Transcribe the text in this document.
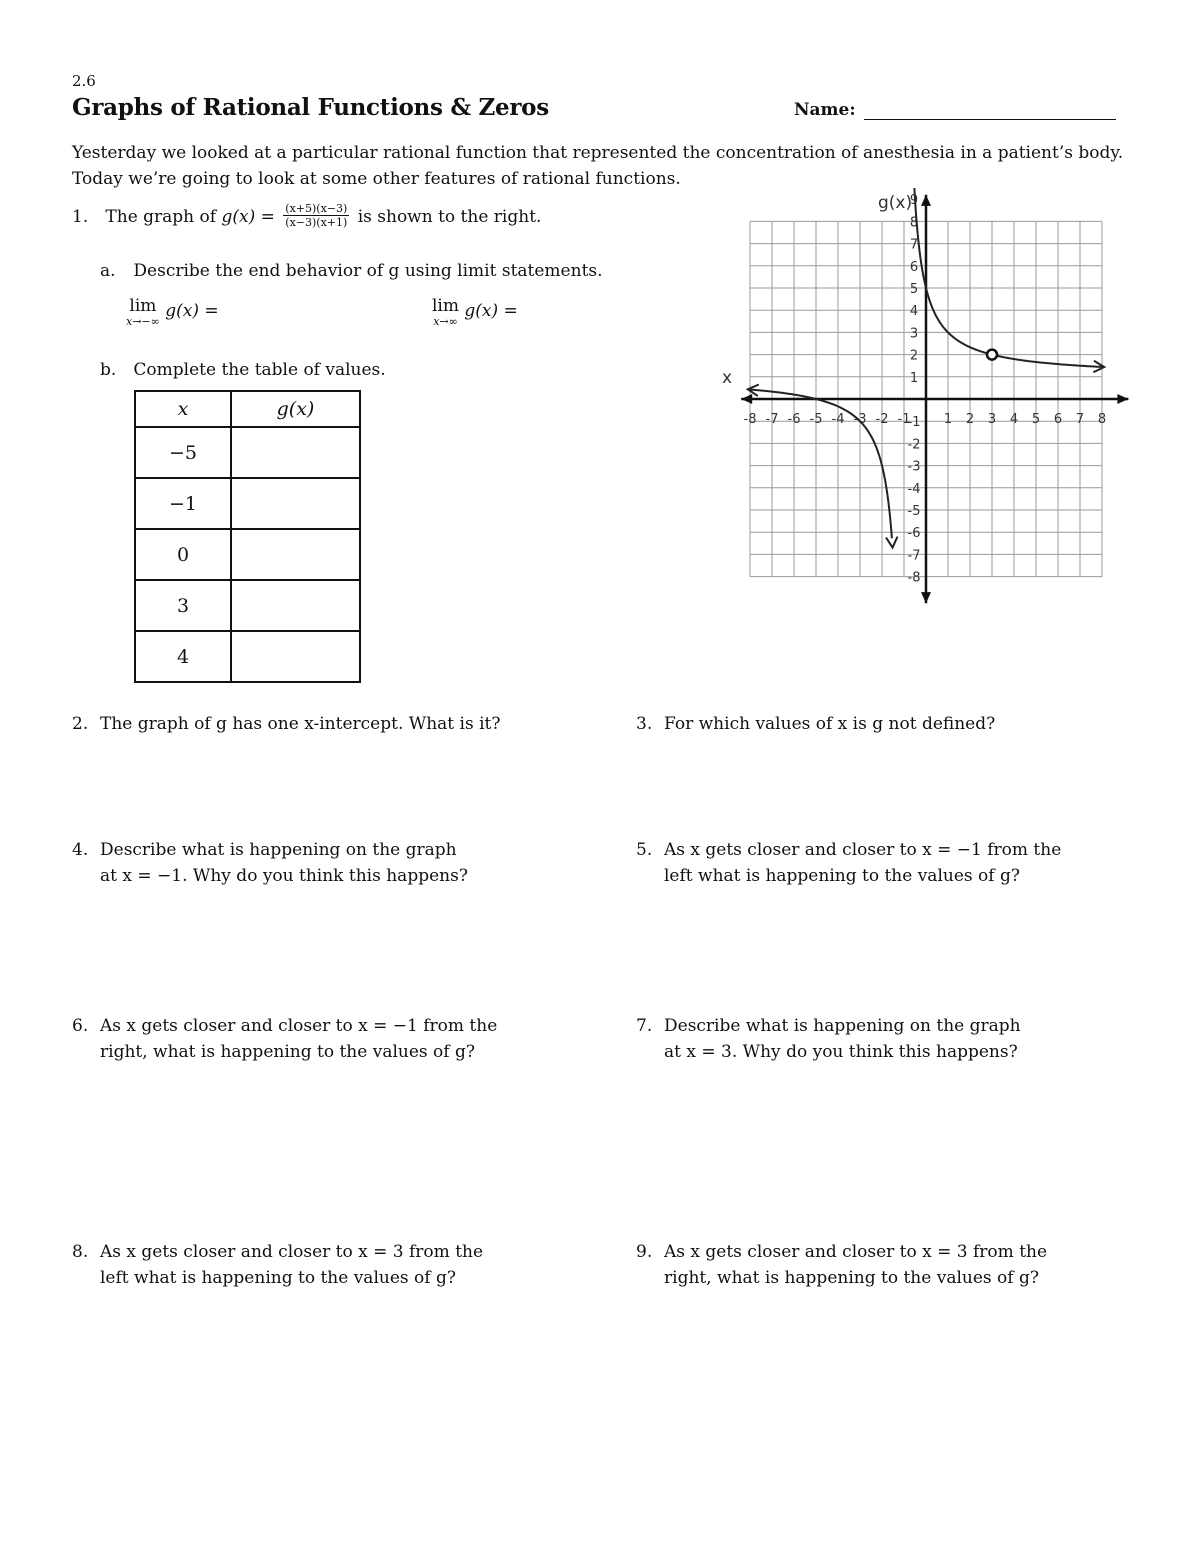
2.6
Graphs of Rational Functions & Zeros	Name:
Yesterday we looked at a particular rational function that represented the concentration of anesthesia in a patient’s body. Today we’re going to look at some other features of rational functions.
1. The graph of $g(x) = \frac{(x+5)(x-3)}{(x-3)(x+1)}$ is shown to the right.
a. Describe the end behavior of g using limit statements.
lim
x→−∞
g(x) =	lim
x→∞
g(x) =
b. Complete the table of values.
x	g(x)
−5	
−1	
0	
3	
4	
-8 -7 -6 -5 -4 -3 -2 -1	1 2 3 4 5 6 7 8
9
8
7
6
5
4
3
2
1
-1
-2
-3
-4
-5
-6
-7
-8
g(x)
x
2. The graph of g has one x-intercept. What is it?	3. For which values of x is g not defined?
4. Describe what is happening on the graph
at x = −1. Why do you think this happens?
5. As x gets closer and closer to x = −1 from the
left what is happening to the values of g?
6. As x gets closer and closer to x = −1 from the
right, what is happening to the values of g?
7. Describe what is happening on the graph
at x = 3. Why do you think this happens?
8. As x gets closer and closer to x = 3 from the
left what is happening to the values of g?
9. As x gets closer and closer to x = 3 from the
right, what is happening to the values of g?
